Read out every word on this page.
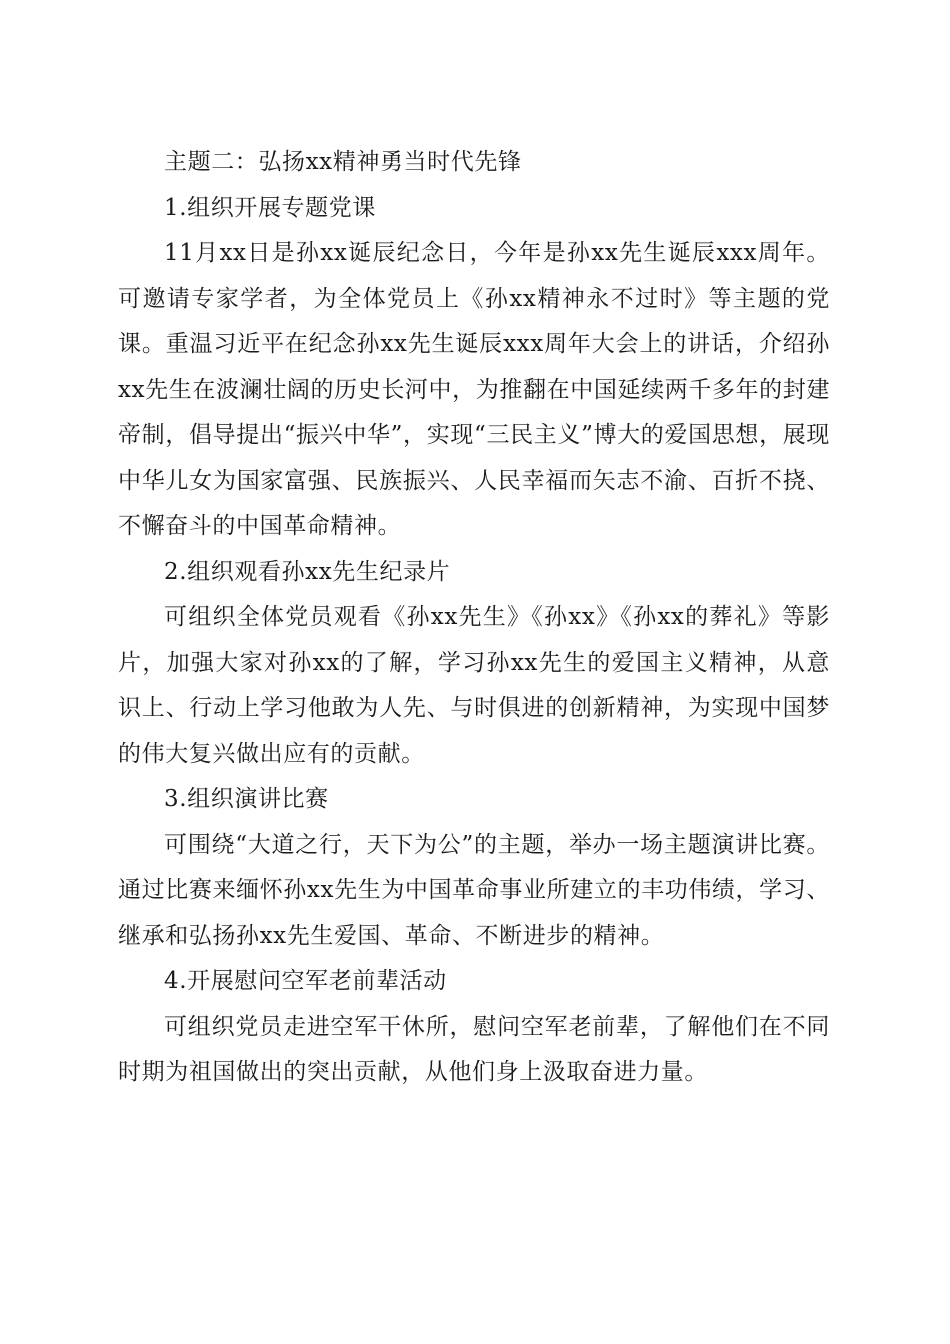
主题二：弘扬xx精神勇当时代先锋

1.组织开展专题党课

11月xx日是孙xx诞辰纪念日，今年是孙xx先生诞辰xxx周年。可邀请专家学者，为全体党员上《孙xx精神永不过时》等主题的党课。重温习近平在纪念孙xx先生诞辰xxx周年大会上的讲话，介绍孙xx先生在波澜壮阔的历史长河中，为推翻在中国延续两千多年的封建帝制，倡导提出“振兴中华”，实现“三民主义”博大的爱国思想，展现中华儿女为国家富强、民族振兴、人民幸福而矢志不渝、百折不挠、不懈奋斗的中国革命精神。

2.组织观看孙xx先生纪录片

可组织全体党员观看《孙xx先生》《孙xx》《孙xx的葬礼》等影片，加强大家对孙xx的了解，学习孙xx先生的爱国主义精神，从意识上、行动上学习他敢为人先、与时俱进的创新精神，为实现中国梦的伟大复兴做出应有的贡献。

3.组织演讲比赛

可围绕“大道之行，天下为公”的主题，举办一场主题演讲比赛。通过比赛来缅怀孙xx先生为中国革命事业所建立的丰功伟绩，学习、继承和弘扬孙xx先生爱国、革命、不断进步的精神。

4.开展慰问空军老前辈活动

可组织党员走进空军干休所，慰问空军老前辈，了解他们在不同时期为祖国做出的突出贡献，从他们身上汲取奋进力量。
